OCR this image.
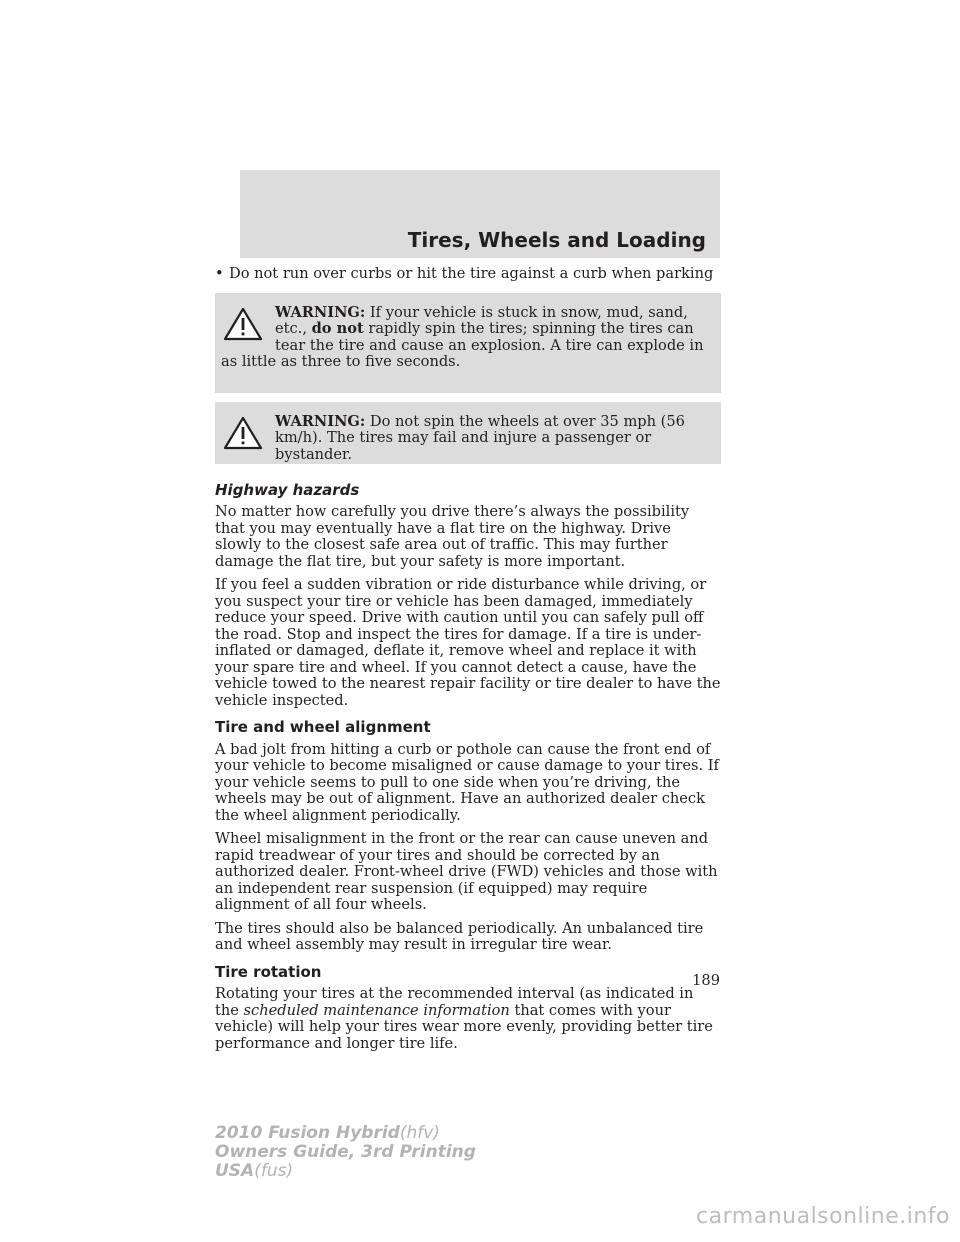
Tires, Wheels and Loading
• Do not run over curbs or hit the tire against a curb when parking
WARNING: If your vehicle is stuck in snow, mud, sand, etc., do not rapidly spin the tires; spinning the tires can tear the tire and cause an explosion. A tire can explode in as little as three to five seconds.
WARNING: Do not spin the wheels at over 35 mph (56 km/h). The tires may fail and injure a passenger or bystander.
Highway hazards

No matter how carefully you drive there’s always the possibility that you may eventually have a flat tire on the highway. Drive slowly to the closest safe area out of traffic. This may further damage the flat tire, but your safety is more important.

If you feel a sudden vibration or ride disturbance while driving, or you suspect your tire or vehicle has been damaged, immediately reduce your speed. Drive with caution until you can safely pull off the road. Stop and inspect the tires for damage. If a tire is under-inflated or damaged, deflate it, remove wheel and replace it with your spare tire and wheel. If you cannot detect a cause, have the vehicle towed to the nearest repair facility or tire dealer to have the vehicle inspected.

Tire and wheel alignment

A bad jolt from hitting a curb or pothole can cause the front end of your vehicle to become misaligned or cause damage to your tires. If your vehicle seems to pull to one side when you’re driving, the wheels may be out of alignment. Have an authorized dealer check the wheel alignment periodically.

Wheel misalignment in the front or the rear can cause uneven and rapid treadwear of your tires and should be corrected by an authorized dealer. Front-wheel drive (FWD) vehicles and those with an independent rear suspension (if equipped) may require alignment of all four wheels.

The tires should also be balanced periodically. An unbalanced tire and wheel assembly may result in irregular tire wear.

Tire rotation

Rotating your tires at the recommended interval (as indicated in the scheduled maintenance information that comes with your vehicle) will help your tires wear more evenly, providing better tire performance and longer tire life.

189
2010 Fusion Hybrid(hfv)
Owners Guide, 3rd Printing
USA(fus)
carmanualsonline.info
